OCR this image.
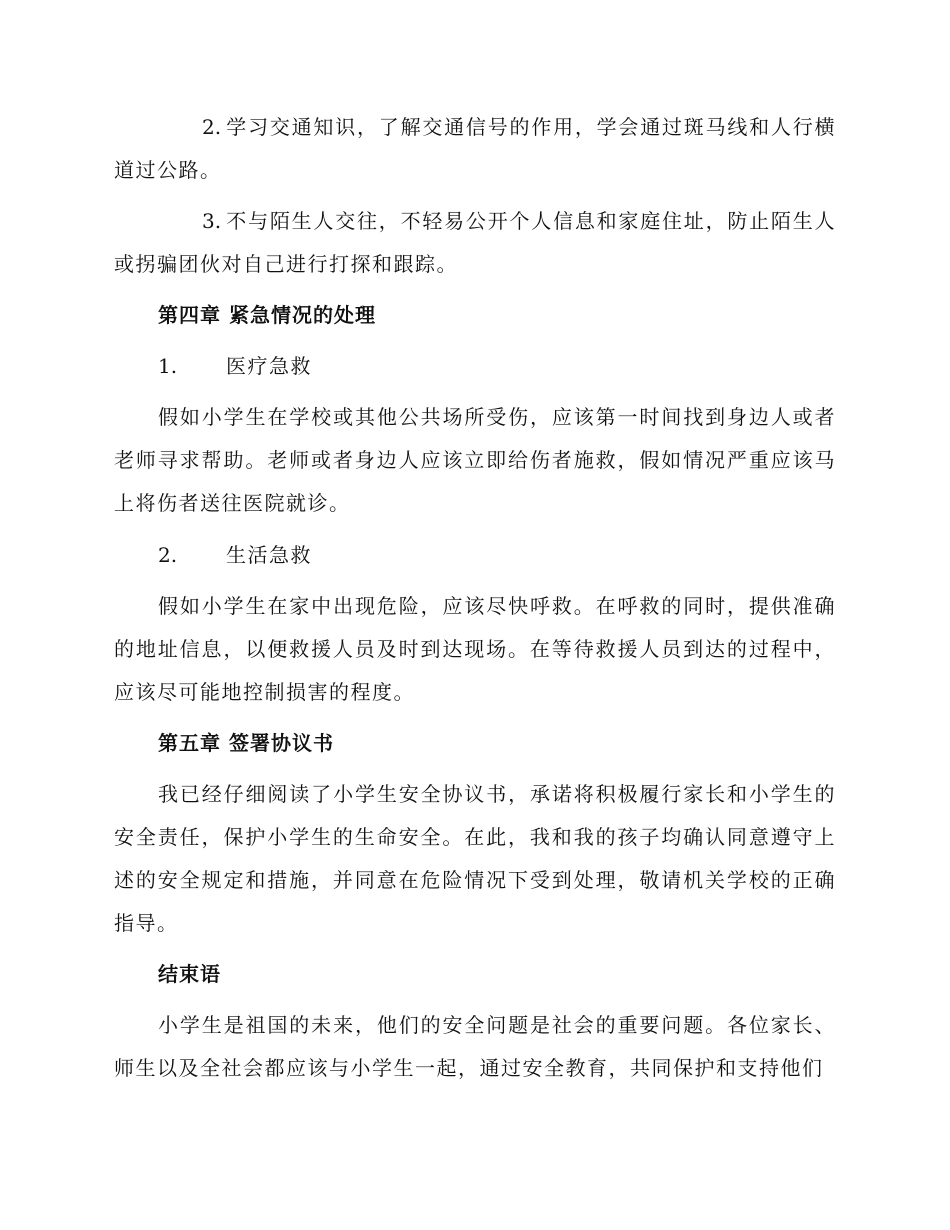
2. 学习交通知识，了解交通信号的作用，学会通过斑马线和人行横道过公路。

3. 不与陌生人交往，不轻易公开个人信息和家庭住址，防止陌生人或拐骗团伙对自己进行打探和跟踪。

第四章 紧急情况的处理

1. 医疗急救

假如小学生在学校或其他公共场所受伤，应该第一时间找到身边人或者老师寻求帮助。老师或者身边人应该立即给伤者施救，假如情况严重应该马上将伤者送往医院就诊。

2. 生活急救

假如小学生在家中出现危险，应该尽快呼救。在呼救的同时，提供准确的地址信息，以便救援人员及时到达现场。在等待救援人员到达的过程中，应该尽可能地控制损害的程度。

第五章 签署协议书

我已经仔细阅读了小学生安全协议书，承诺将积极履行家长和小学生的安全责任，保护小学生的生命安全。在此，我和我的孩子均确认同意遵守上述的安全规定和措施，并同意在危险情况下受到处理，敬请机关学校的正确指导。

结束语

小学生是祖国的未来，他们的安全问题是社会的重要问题。各位家长、师生以及全社会都应该与小学生一起，通过安全教育，共同保护和支持他们
